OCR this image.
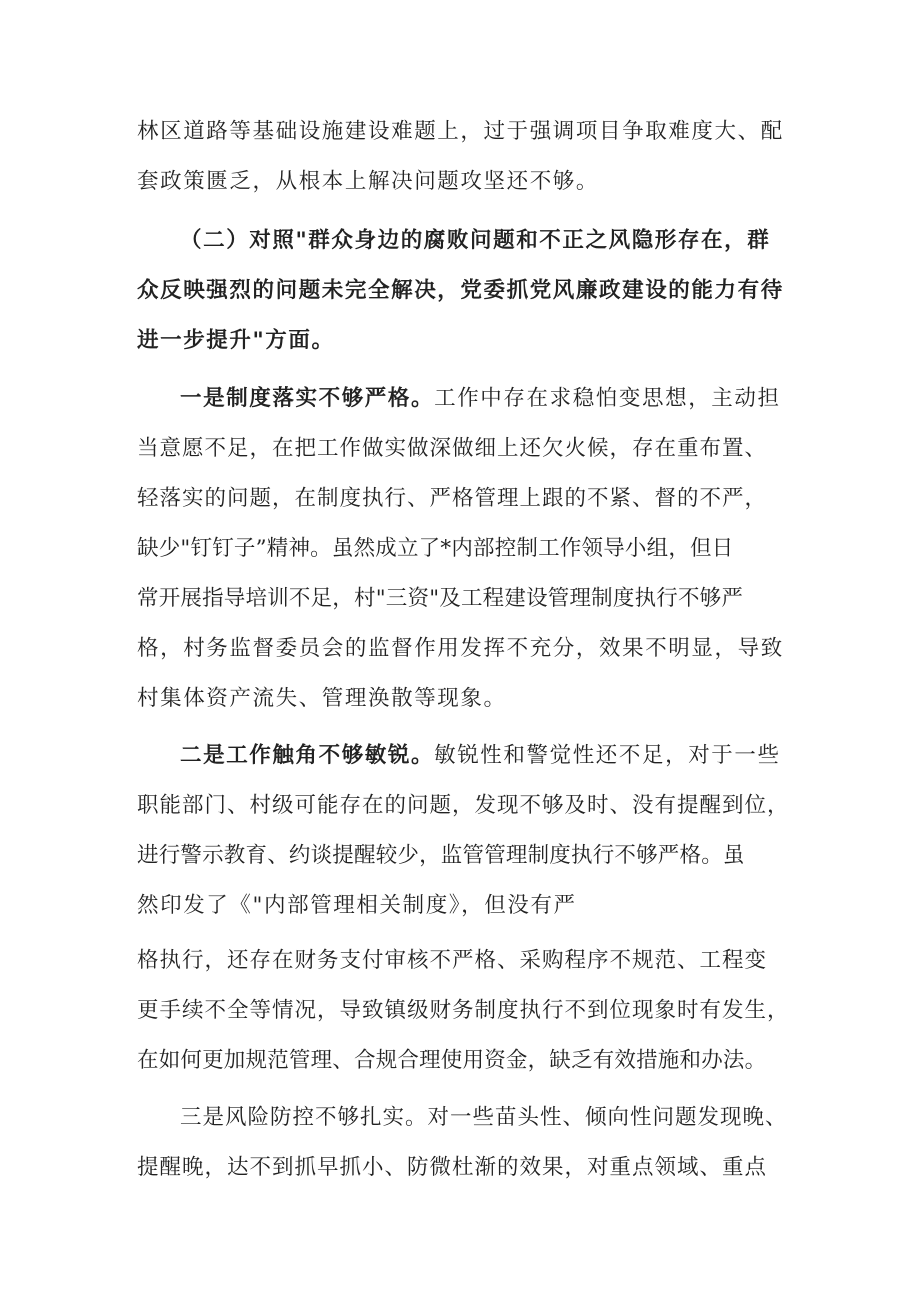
林区道路等基础设施建设难题上，过于强调项目争取难度大、配
套政策匮乏，从根本上解决问题攻坚还不够。
（二）对照"群众身边的腐败问题和不正之风隐形存在，群
众反映强烈的问题未完全解决，党委抓党风廉政建设的能力有待
进一步提升"方面。
一是制度落实不够严格。工作中存在求稳怕变思想，主动担
当意愿不足，在把工作做实做深做细上还欠火候，存在重布置、
轻落实的问题，在制度执行、严格管理上跟的不紧、督的不严，
缺少"钉钉子”精神。虽然成立了*内部控制工作领导小组，但日
常开展指导培训不足，村"三资"及工程建设管理制度执行不够严
格，村务监督委员会的监督作用发挥不充分，效果不明显，导致
村集体资产流失、管理涣散等现象。
二是工作触角不够敏锐。敏锐性和警觉性还不足，对于一些
职能部门、村级可能存在的问题，发现不够及时、没有提醒到位，
进行警示教育、约谈提醒较少，监管管理制度执行不够严格。虽
然印发了《"内部管理相关制度》，但没有严
格执行，还存在财务支付审核不严格、采购程序不规范、工程变
更手续不全等情况，导致镇级财务制度执行不到位现象时有发生，
在如何更加规范管理、合规合理使用资金，缺乏有效措施和办法。
三是风险防控不够扎实。对一些苗头性、倾向性问题发现晚、
提醒晚，达不到抓早抓小、防微杜渐的效果，对重点领域、重点
